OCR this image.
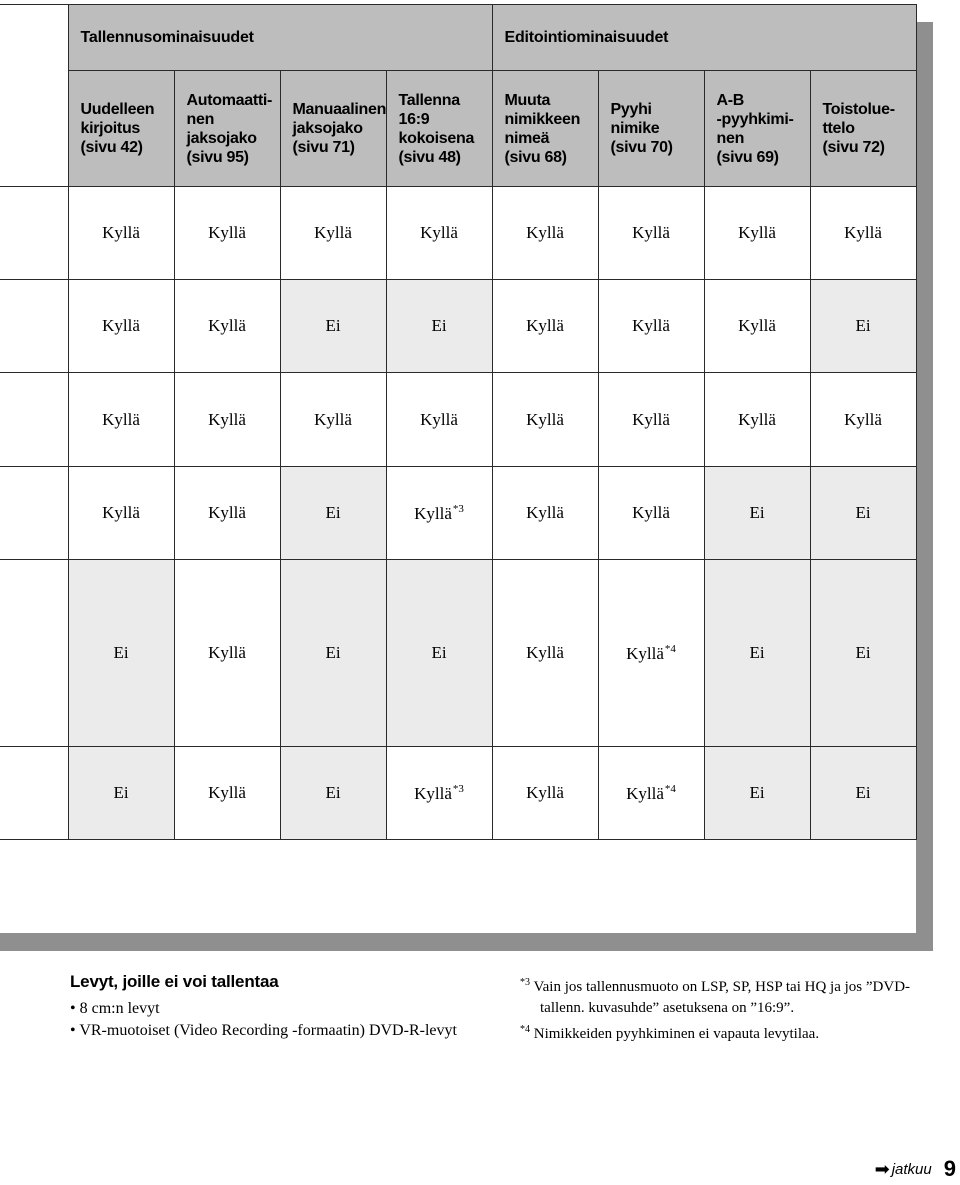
	Tallennusominaisuudet				Editointiominaisuudet			

	Uudelleen
kirjoitus
(sivu 42)	Automaatti-
nen
jaksojako
(sivu 95)	Manuaalinen
jaksojako
(sivu 71)	Tallenna
16:9
kokoisena
(sivu 48)	Muuta
nimikkeen
nimeä
(sivu 68)	Pyyhi
nimike
(sivu 70)	A-B
-pyyhkimi-
nen
(sivu 69)	Toistolue-
ttelo
(sivu 72)

	Kyllä	Kyllä	Kyllä	Kyllä	Kyllä	Kyllä	Kyllä	Kyllä
	Kyllä	Kyllä	Ei	Ei	Kyllä	Kyllä	Kyllä	Ei
	Kyllä	Kyllä	Kyllä	Kyllä	Kyllä	Kyllä	Kyllä	Kyllä
	Kyllä	Kyllä	Ei	Kyllä$^{*3}$	Kyllä	Kyllä	Ei	Ei
	Ei	Kyllä	Ei	Ei	Kyllä	Kyllä$^{*4}$	Ei	Ei
	Ei	Kyllä	Ei	Kyllä$^{*3}$	Kyllä	Kyllä$^{*4}$	Ei	Ei
Levyt, joille ei voi tallentaa
• 8 cm:n levyt
• VR-muotoiset (Video Recording -formaatin) DVD-R-levyt
$^{*3}$ Vain jos tallennusmuoto on LSP, SP, HSP tai HQ ja jos ”DVD-tallenn. kuvasuhde” asetuksena on ”16:9”.
$^{*4}$ Nimikkeiden pyyhkiminen ei vapauta levytilaa.
➡ jatkuu 9
